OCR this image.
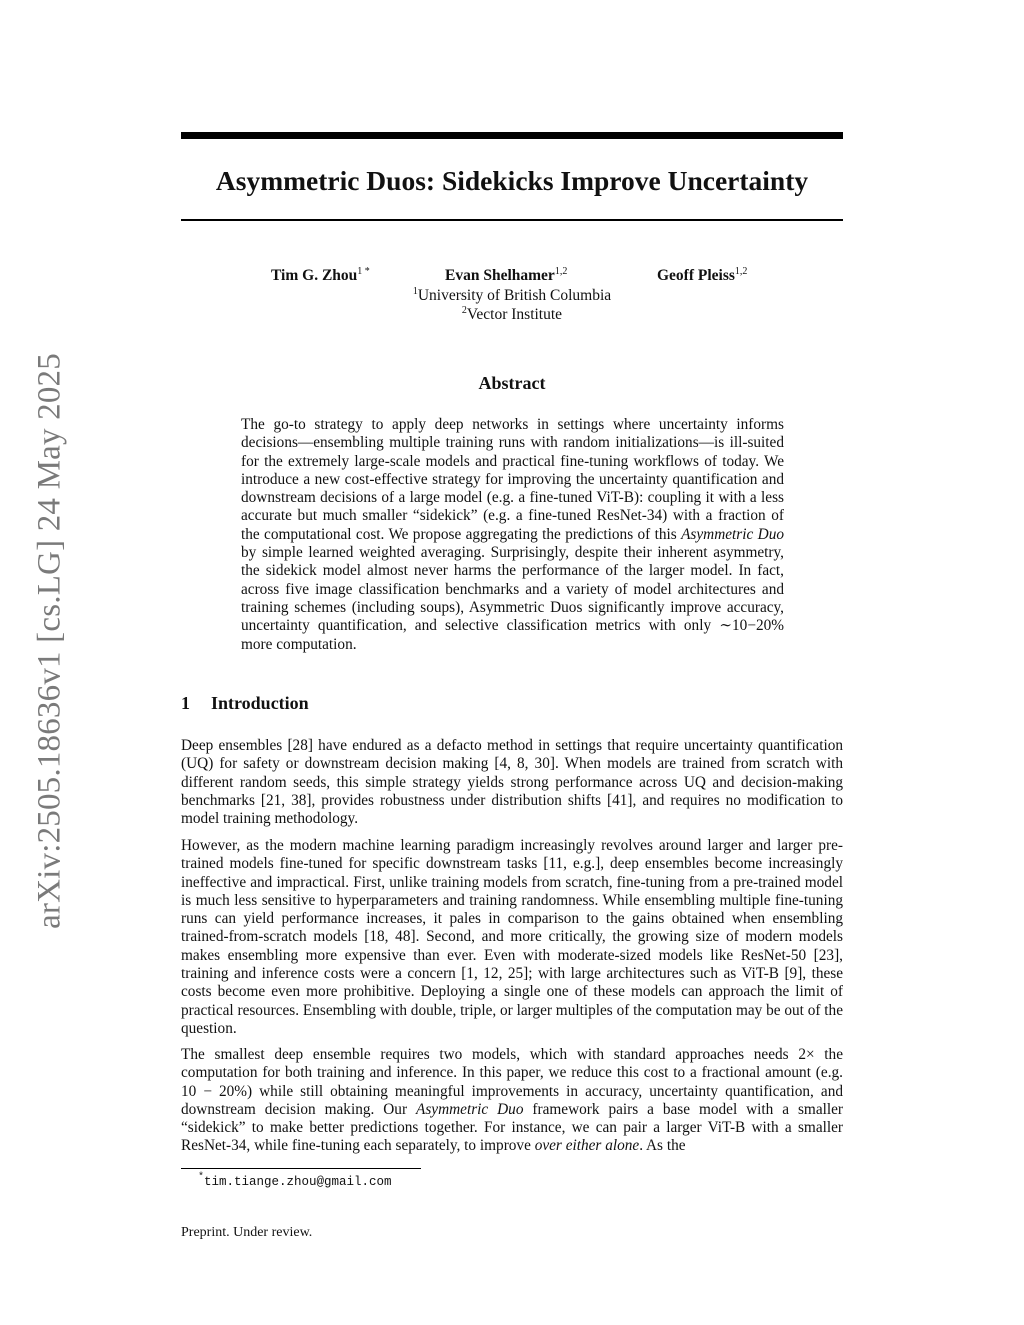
arXiv:2505.18636v1 [cs.LG] 24 May 2025
Asymmetric Duos: Sidekicks Improve Uncertainty
Tim G. Zhou$^{1 *}$	Evan Shelhamer$^{1,2}$	Geoff Pleiss$^{1,2}$
$^1$University of British Columbia
$^2$Vector Institute
Abstract
The go-to strategy to apply deep networks in settings where uncertainty informs decisions—ensembling multiple training runs with random initializations—is ill-suited for the extremely large-scale models and practical fine-tuning workflows of today. We introduce a new cost-effective strategy for improving the uncertainty quantification and downstream decisions of a large model (e.g. a fine-tuned ViT-B): coupling it with a less accurate but much smaller “sidekick” (e.g. a fine-tuned ResNet-34) with a fraction of the computational cost. We propose aggregating the predictions of this Asymmetric Duo by simple learned weighted averaging. Surprisingly, despite their inherent asymmetry, the sidekick model almost never harms the performance of the larger model. In fact, across five image classification benchmarks and a variety of model architectures and training schemes (including soups), Asymmetric Duos significantly improve accuracy, uncertainty quantification, and selective classification metrics with only ∼10−20% more computation.
1 Introduction

Deep ensembles [28] have endured as a defacto method in settings that require uncertainty quantification (UQ) for safety or downstream decision making [4, 8, 30]. When models are trained from scratch with different random seeds, this simple strategy yields strong performance across UQ and decision-making benchmarks [21, 38], provides robustness under distribution shifts [41], and requires no modification to model training methodology.

However, as the modern machine learning paradigm increasingly revolves around larger and larger pre-trained models fine-tuned for specific downstream tasks [11, e.g.], deep ensembles become increasingly ineffective and impractical. First, unlike training models from scratch, fine-tuning from a pre-trained model is much less sensitive to hyperparameters and training randomness. While ensembling multiple fine-tuning runs can yield performance increases, it pales in comparison to the gains obtained when ensembling trained-from-scratch models [18, 48]. Second, and more critically, the growing size of modern models makes ensembling more expensive than ever. Even with moderate-sized models like ResNet-50 [23], training and inference costs were a concern [1, 12, 25]; with large architectures such as ViT-B [9], these costs become even more prohibitive. Deploying a single one of these models can approach the limit of practical resources. Ensembling with double, triple, or larger multiples of the computation may be out of the question.

The smallest deep ensemble requires two models, which with standard approaches needs 2× the computation for both training and inference. In this paper, we reduce this cost to a fractional amount (e.g. 10 − 20%) while still obtaining meaningful improvements in accuracy, uncertainty quantification, and downstream decision making. Our Asymmetric Duo framework pairs a base model with a smaller “sidekick” to make better predictions together. For instance, we can pair a larger ViT-B with a smaller ResNet-34, while fine-tuning each separately, to improve over either alone. As the

*tim.tiange.zhou@gmail.com
Preprint. Under review.
